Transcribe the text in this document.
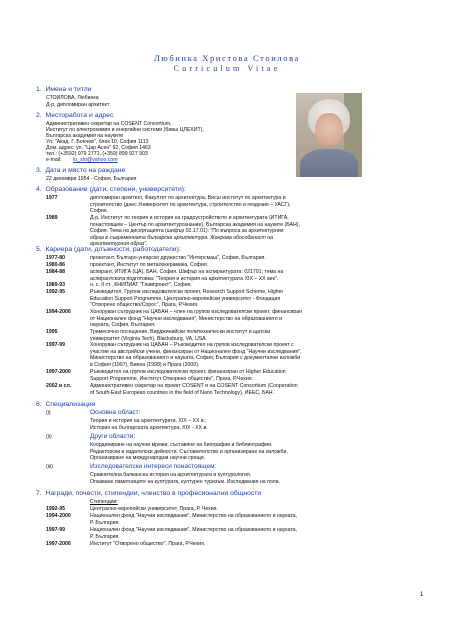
Любинка Христова Стоилова
Curriculum Vitae
1. Имена и титли
СТОИЛОВА, Любинка
Д-р, дипломиран архитект
2. Месторабота и адрес
Административен секретар на COSENT Consortium,
Институт по електрохимия и енергийни системи (бивш ЦЛЕХИТ),
Българска академия на науките
Ул. "Акад. Г. Бончев", блок 10, София 1113
Дом. адрес: ул. "Цар Асен" 92, София 1463
тел.: (+3592) 979 2771, (+359) 899 927 903
e-mail: lu_sto@yahoo.com
3. Дата и място на раждане
22 декември 1954 - София, България
4. Образование (дати, степени, университети):
1977	дипломиран архитект, Факултет по архитектура, Висш институт по архитектура и
строителство (днес Университет по архитектура, строителство и геодезия – УАСГ),
София.
1989	Д-р, Институт по теория и история на градоустройството и архитектурата (ИТИГА,
понастоящем – Център по архитектурознание), Българска академия на науките (БАН),
София. Тема на дисертацията (шифър 02.17.01): "По въпроса за архитектурния
образ в съвременната българска архитектура. Жанрова обособеност на
архитектурния образ".
5. Кариера (дати, длъжности, работодатели):
1977-80	проектант, Българо-унгарско дружество "Интерсмаш", София, България.
1980-86	проектант, Институт по металокерамика, София.
1984-88	аспирант, ИТИГА (ЦА), БАН, София. Шифър на аспирантурата: 021701; тема на
аспирантската подготовка: "Теория и история на архитектурата XIX – XX век".
1989-93	н. с. II ст., КНИПИАТ "Главпроект", София.
1992-95	Ръководител, Групов изследователски проект, Research Support Scheme, Higher
Education Support Programme, Централно-европейски университет - Фондация
"Отворено общество/Сорос", Прага, Р.Чехия.
1994-2000	Хоноруван сътрудник на ЦАБАН – член на групов изследователски проект, финансиран
от Национален фонд "Научни изследвания", Министерство на образованието и
науката, София, България.
1995	Тримесечно посещение, Вирджинийски политехнически институт и щатски
университет (Virginia Tech), Blacksburg, VA, USA.
1997-99	Хоноруван сътрудник на ЦАБАН – Ръководител на групов изследователски проект с
участие на австрийски учени, финансиран от Национален фонд "Научни изследвания",
Министерство на образованието и науката, София, България с документални изложби
в София (1997), Виена (1998) и Прага (2000).
1997-2000	Ръководител на групов изследователски проект, финансиран от Higher Education
Support Programme, Институт Отворено общество", Прага, Р.Чехия.
2002 и сл.	Административен секретар на проект COSENT и на COSENT Consortium (Cooperation
of South-East European countries in the field of Nano Technology), ИЕЕС, БАН.
6. Специализация
(i)	Основна област:
Теория и история на архитектурата, XIX – XX в.;
История на българската архитектура, XIX - XX в.
(ii)	Други области:
Координиране на научни мрежи; съставяне на биографии и библиографии.
Редакторски и издателски дейности. Съставителство и организиране на изложби.
Организиране на международни научни срещи.
(iii)	Изследователски интереси понастоящем:
Сравнителна балканска история на архитектурата и културология.
Опазване паметниците на културата, културен туризъм. Изследвания на пола.
7. Награди, почести, стипендии, членство в професионални общности
Стипендии:
1992-95	Централно-европейски университет, Прага, Р. Чехия.
1994-2000	Национален фонд "Научни изследвания", Министерство на образованието и науката,
Р. България.
1997-99	Национален фонд "Научни изследвания", Министерство на образованието и науката,
Р. България.
1997-2000	Институт "Отворено общество", Прага, Р.Чехия.
1
